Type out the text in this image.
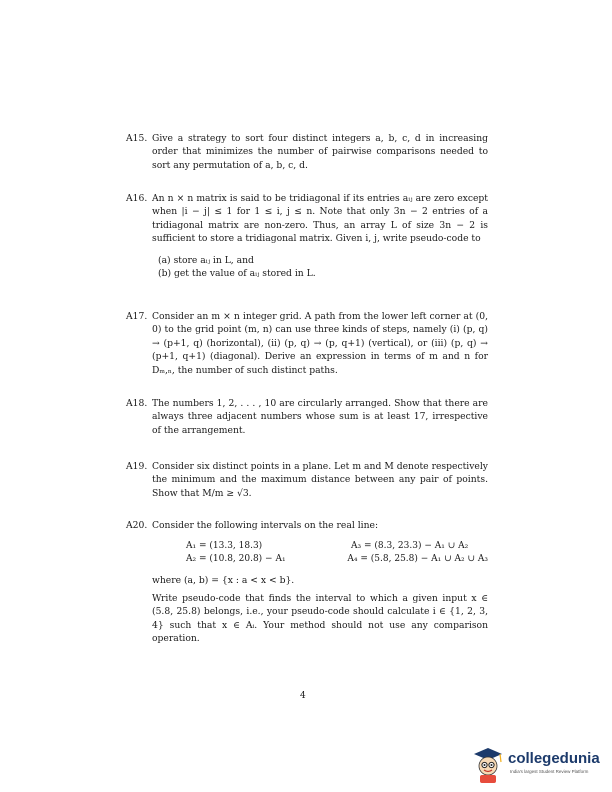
A15. Give a strategy to sort four distinct integers a, b, c, d in increasing order that minimizes the number of pairwise comparisons needed to sort any permutation of a, b, c, d.
A16. An n × n matrix is said to be tridiagonal if its entries aᵢⱼ are zero except when |i − j| ≤ 1 for 1 ≤ i, j ≤ n. Note that only 3n − 2 entries of a tridiagonal matrix are non-zero. Thus, an array L of size 3n − 2 is sufficient to store a tridiagonal matrix. Given i, j, write pseudo-code to
(a) store aᵢⱼ in L, and
(b) get the value of aᵢⱼ stored in L.
A17. Consider an m × n integer grid. A path from the lower left corner at (0, 0) to the grid point (m, n) can use three kinds of steps, namely (i) (p, q) → (p+1, q) (horizontal), (ii) (p, q) → (p, q+1) (vertical), or (iii) (p, q) → (p+1, q+1) (diagonal). Derive an expression in terms of m and n for Dₘ,ₙ, the number of such distinct paths.
A18. The numbers 1, 2, . . . , 10 are circularly arranged. Show that there are always three adjacent numbers whose sum is at least 17, irrespective of the arrangement.
A19. Consider six distinct points in a plane. Let m and M denote respectively the minimum and the maximum distance between any pair of points. Show that M/m ≥ √3.
A20. Consider the following intervals on the real line:
A₁ = (13.3, 18.3)	A₃ = (8.3, 23.3) − A₁ ∪ A₂
A₂ = (10.8, 20.8) − A₁	A₄ = (5.8, 25.8) − A₁ ∪ A₂ ∪ A₃
where (a, b) = {x : a < x < b}.
Write pseudo-code that finds the interval to which a given input x ∈ (5.8, 25.8) belongs, i.e., your pseudo-code should calculate i ∈ {1, 2, 3, 4} such that x ∈ Aᵢ. Your method should not use any comparison operation.
4
collegedunia
India's largest Student Review Platform
